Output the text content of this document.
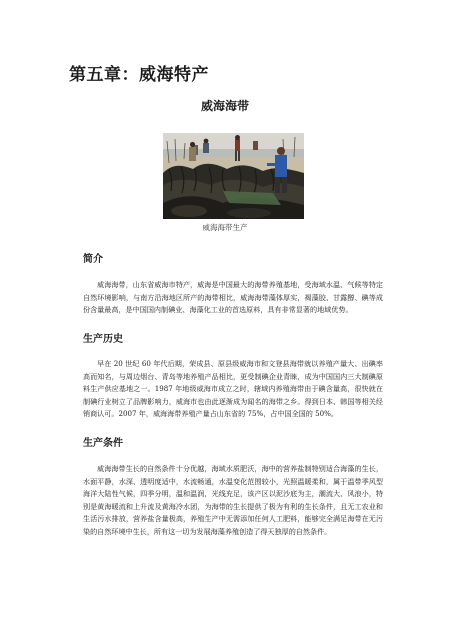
第五章：威海特产
威海海带
威海海带生产
简介

威海海带，山东省威海市特产，威海是中国最大的海带养殖基地，受海域水温、气候等特定自然环境影响，与南方沿海地区所产的海带相比，威海海带藻体厚实，褐藻胶、甘露醇、碘等成份含量最高，是中国国内制碘业、海藻化工业的首选原料，具有非常显著的地域优势。

生产历史

早在 20 世纪 60 年代后期，荣成县、原县级威海市和文登县海带就以养殖产量大、出碘率高而知名，与周边烟台、青岛等地养殖产品相比，更受制碘企业青睐，成为中国国内三大制碘原料生产供应基地之一。1987 年地级威海市成立之时，辖域内养殖海带由于碘含量高，很快就在制碘行业树立了品牌影响力，威海市也由此逐渐成为闻名的海带之乡。得到日本、韩国等相关经销商认可。2007 年，威海海带养殖产量占山东省的 75%，占中国全国的 50%。

生产条件

威海海带生长的自然条件十分优越，海域水质肥沃，海中的营养盐制特别适合海藻的生长，水面平静，水深、透明度适中，水流畅通，水温变化范围较小，光照温暖柔和，属于温带季风型海洋大陆性气候，四季分明，温和温润，光线充足，该产区以泥沙底为主，潮流大、风浪小，特别是黄海暖流和上升流及黄海冷水团，为海带的生长提供了极为有利的生长条件，且无工农业和生活污水排放，营养盐含量极高，养殖生产中无需添加任何人工肥料，能够完全满足海带在无污染的自然环境中生长，所有这一切为发展海藻养殖创造了得天独厚的自然条件。
